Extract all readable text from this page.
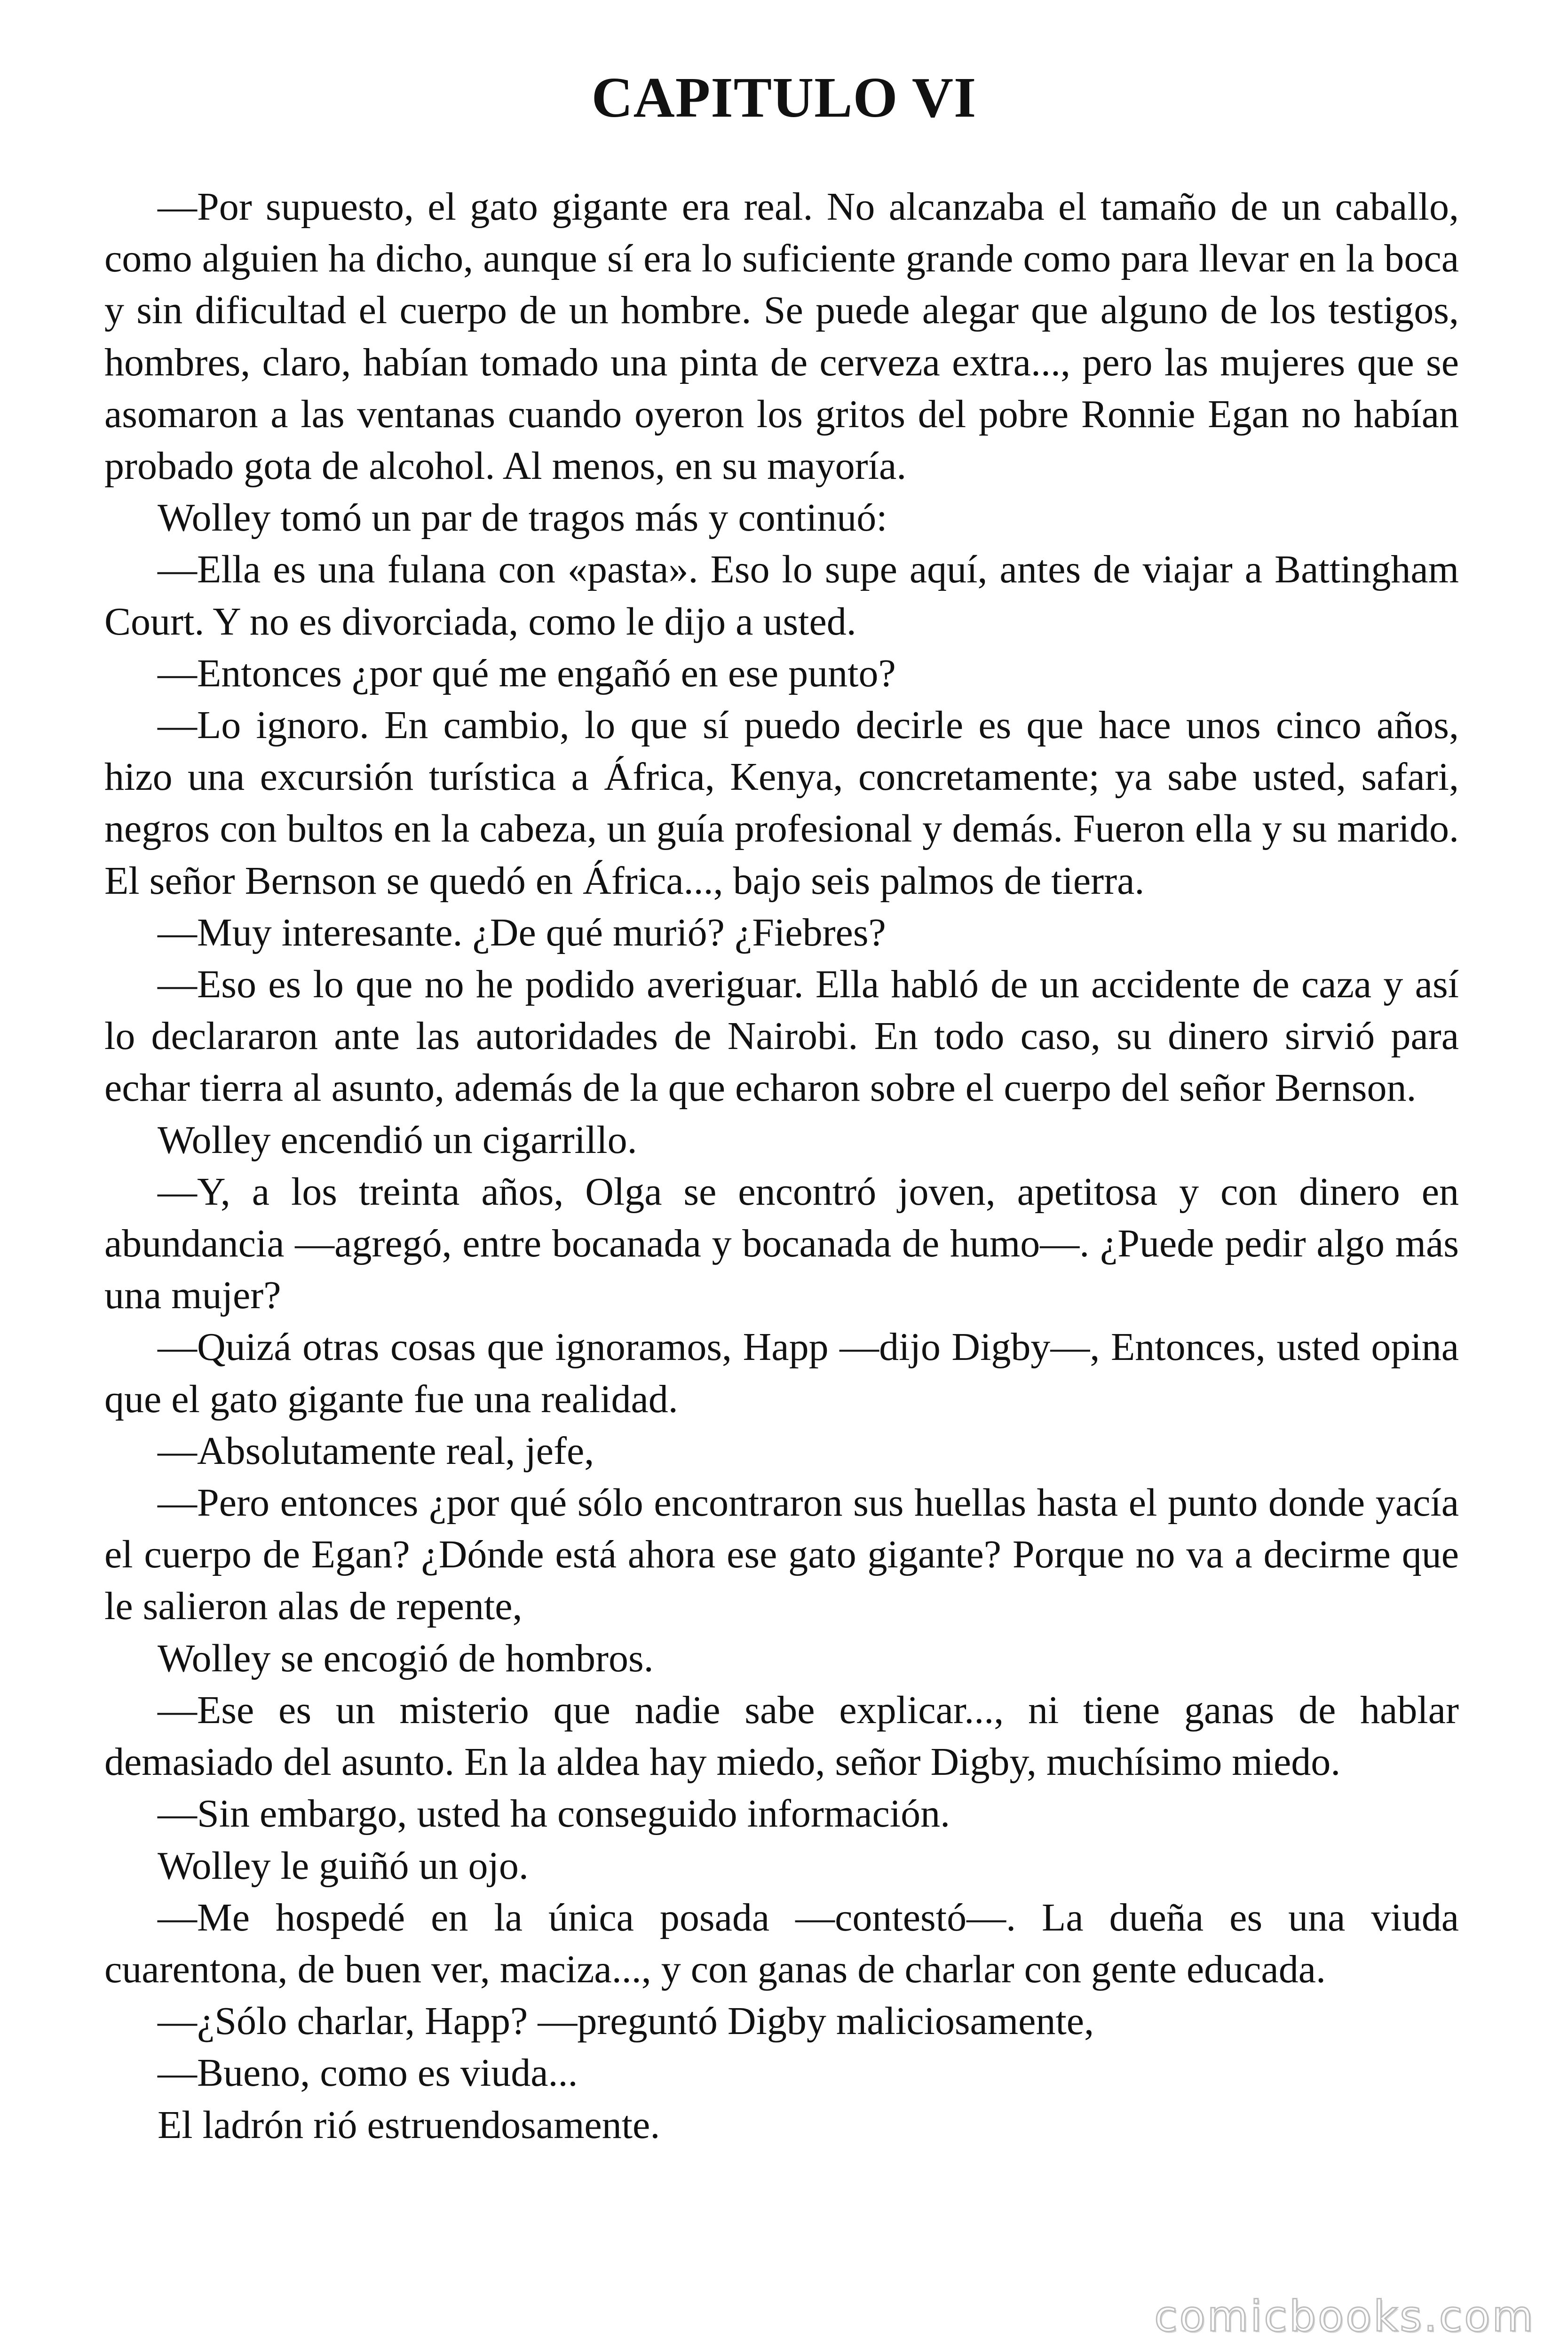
CAPITULO VI

—Por supuesto, el gato gigante era real. No alcanzaba el tamaño de un caballo, como alguien ha dicho, aunque sí era lo suficiente grande como para llevar en la boca y sin dificultad el cuerpo de un hombre. Se puede alegar que alguno de los testigos, hombres, claro, habían tomado una pinta de cerveza extra..., pero las mujeres que se asomaron a las ventanas cuando oyeron los gritos del pobre Ronnie Egan no habían probado gota de alcohol. Al menos, en su mayoría.

Wolley tomó un par de tragos más y continuó:

—Ella es una fulana con «pasta». Eso lo supe aquí, antes de viajar a Battingham Court. Y no es divorciada, como le dijo a usted.

—Entonces ¿por qué me engañó en ese punto?

—Lo ignoro. En cambio, lo que sí puedo decirle es que hace unos cinco años, hizo una excursión turística a África, Kenya, concretamente; ya sabe usted, safari, negros con bultos en la cabeza, un guía profesional y demás. Fueron ella y su marido. El señor Bernson se quedó en África..., bajo seis palmos de tierra.

—Muy interesante. ¿De qué murió? ¿Fiebres?

—Eso es lo que no he podido averiguar. Ella habló de un accidente de caza y así lo declararon ante las autoridades de Nairobi. En todo caso, su dinero sirvió para echar tierra al asunto, además de la que echaron sobre el cuerpo del señor Bernson.

Wolley encendió un cigarrillo.

—Y, a los treinta años, Olga se encontró joven, apetitosa y con dinero en abundancia —agregó, entre bocanada y bocanada de humo—. ¿Puede pedir algo más una mujer?

—Quizá otras cosas que ignoramos, Happ —dijo Digby—, Entonces, usted opina que el gato gigante fue una realidad.

—Absolutamente real, jefe,

—Pero entonces ¿por qué sólo encontraron sus huellas hasta el punto donde yacía el cuerpo de Egan? ¿Dónde está ahora ese gato gigante? Porque no va a decirme que le salieron alas de repente,

Wolley se encogió de hombros.

—Ese es un misterio que nadie sabe explicar..., ni tiene ganas de hablar demasiado del asunto. En la aldea hay miedo, señor Digby, muchísimo miedo.

—Sin embargo, usted ha conseguido información.

Wolley le guiñó un ojo.

—Me hospedé en la única posada —contestó—. La dueña es una viuda cuarentona, de buen ver, maciza..., y con ganas de charlar con gente educada.

—¿Sólo charlar, Happ? —preguntó Digby maliciosamente,

—Bueno, como es viuda...

El ladrón rió estruendosamente.

comicbooks.com
